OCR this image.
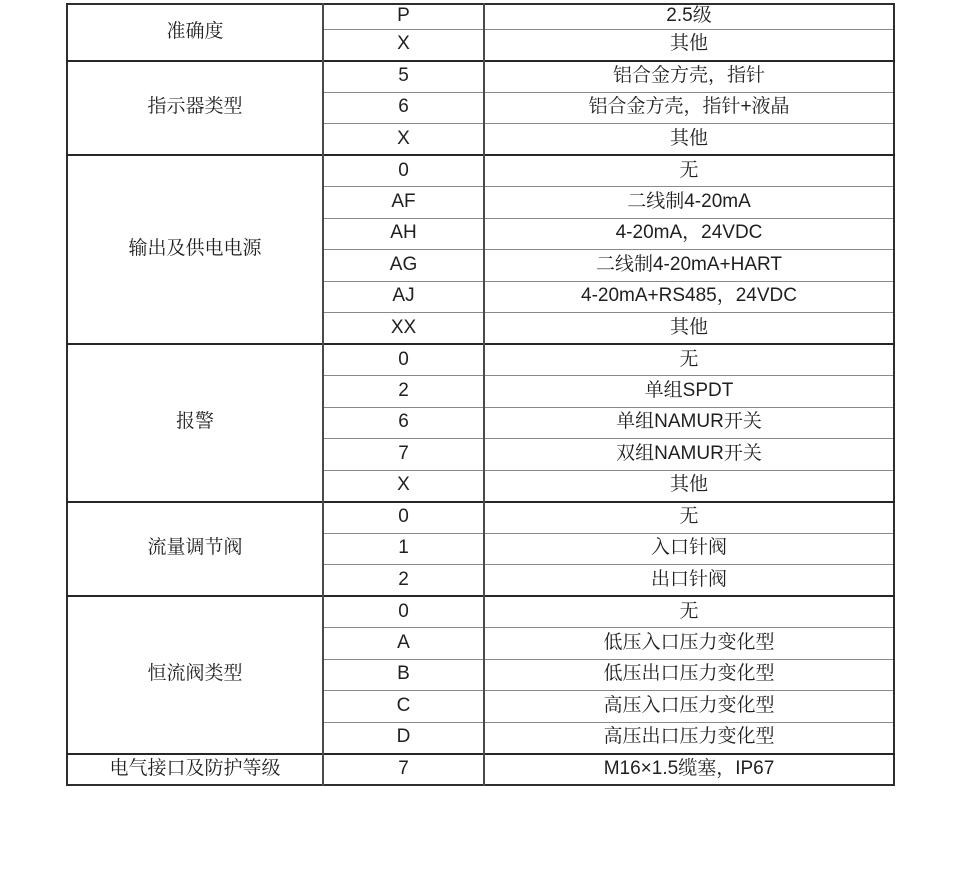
准确度	P	2.5级
	X	其他
指示器类型	5	铝合金方壳，指针
	6	铝合金方壳，指针+液晶
	X	其他
输出及供电电源	0	无
	AF	二线制4-20mA
	AH	4-20mA，24VDC
	AG	二线制4-20mA+HART
	AJ	4-20mA+RS485，24VDC
	XX	其他
报警	0	无
	2	单组SPDT
	6	单组NAMUR开关
	7	双组NAMUR开关
	X	其他
流量调节阀	0	无
	1	入口针阀
	2	出口针阀
恒流阀类型	0	无
	A	低压入口压力变化型
	B	低压出口压力变化型
	C	高压入口压力变化型
	D	高压出口压力变化型
电气接口及防护等级	7	M16×1.5缆塞，IP67
